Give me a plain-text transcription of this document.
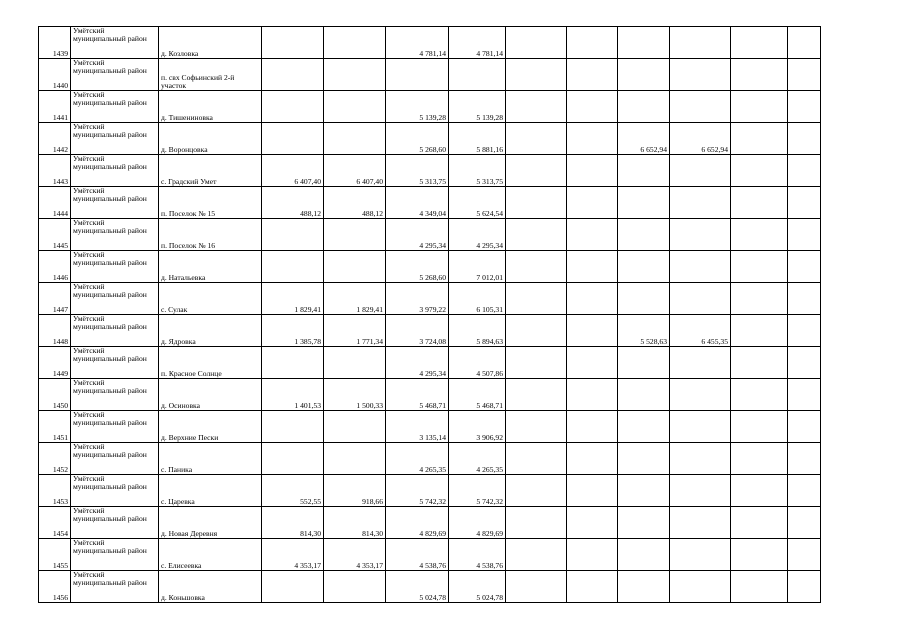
1439	Умётский муниципальный район	д. Козловка			4 781,14	4 781,14						
1440	Умётский муниципальный район	п. свх Софьинский 2-й участок										
1441	Умётский муниципальный район	д. Тишениновка			5 139,28	5 139,28						
1442	Умётский муниципальный район	д. Воронцовка			5 268,60	5 881,16			6 652,94	6 652,94		
1443	Умётский муниципальный район	с. Градский Умет	6 407,40	6 407,40	5 313,75	5 313,75						
1444	Умётский муниципальный район	п. Поселок № 15	488,12	488,12	4 349,04	5 624,54						
1445	Умётский муниципальный район	п. Поселок № 16			4 295,34	4 295,34						
1446	Умётский муниципальный район	д. Натальевка			5 268,60	7 012,01						
1447	Умётский муниципальный район	с. Сулак	1 829,41	1 829,41	3 979,22	6 105,31						
1448	Умётский муниципальный район	д. Ядровка	1 385,78	1 771,34	3 724,08	5 894,63			5 528,63	6 455,35		
1449	Умётский муниципальный район	п. Красное Солнце			4 295,34	4 507,86						
1450	Умётский муниципальный район	д. Осиновка	1 401,53	1 500,33	5 468,71	5 468,71						
1451	Умётский муниципальный район	д. Верхние Пески			3 135,14	3 906,92						
1452	Умётский муниципальный район	с. Паника			4 265,35	4 265,35						
1453	Умётский муниципальный район	с. Царевка	552,55	918,66	5 742,32	5 742,32						
1454	Умётский муниципальный район	д. Новая Деревня	814,30	814,30	4 829,69	4 829,69						
1455	Умётский муниципальный район	с. Елисеевка	4 353,17	4 353,17	4 538,76	4 538,76						
1456	Умётский муниципальный район	д. Коньшовка			5 024,78	5 024,78						
